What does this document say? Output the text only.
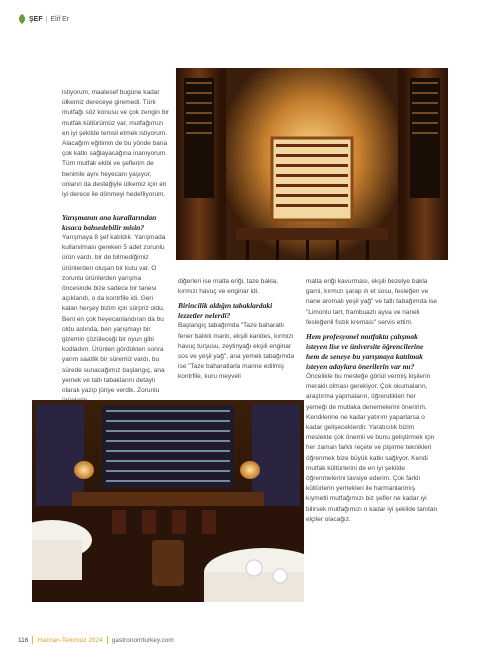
ŞEF | Elif Er

istiyorum, maalesef bugüne kadar ülkemiz dereceye giremedi. Türk mutfağı söz konusu ve çok zengin bir mutfak kültürümüz var, mutfağımızı en iyi şekilde temsil etmek istiyorum. Alacağım eğitimin de bu yönde bana çok katkı sağlayacağına inanıyorum. Tüm mutfak ekibi ve şeflerim de benimle aynı heyecanı yaşıyor, onların da desteğiyle ülkemiz için en iyi derece ile dönmeyi hedefliyorum.

Yarışmanın ana kurallarından kısaca bahsedebilir misin?

Yarışmaya 8 şef katıldık. Yarışmada kullanılması gereken 5 adet zorunlu ürün vardı, bir de bilmediğimiz ürünlerden oluşan bir kutu var. O zorunlu ürünlerden yarışma öncesinde bize sadece bir tanesi açıklandı, o da kontrfile idi. Geri kalan herşey bizim için sürpriz oldu. Beni en çok heyecanlandıran da bu oldu aslında, ben yarışmayı bir gizemin çözüleceği bir oyun gibi kodladım. Ürünleri gördükten sonra yarım saatlik bir süremiz vardı, bu sürede sunacağımız başlangıç, ana yemek ve tatlı tabaklarını detaylı olarak yazıp jüriye verdik. Zorunlu

diğerleri ise malta eriği, taze bakla, kırmızı havuç ve enginar idi.

Birincilik aldığın tabaklardaki lezzetler nelerdi?

Başlangıç tabağımda "Taze baharatlı fener balıklı mantı, ekşili karides, kırmızı havuç turşusu, zeytinyağı ekşili enginar sos ve yeşil yağ", ana yemek tabağımda ise "Taze baharatlarla marine edilmiş kontrfile, kuru meyveli

malta eriği kavurması, ekşili bezelye bakla garni, kırmızı şarap ılı et sosu, fesleğen ve nane aromalı yeşil yağ" ve tatlı tabağımda ise "Limonlu tart, frambuazlı ayva ve naneli fesleğenli fıstık kreması" servis ettim.

Hem profesyonel mutfakta çalışmak isteyen lise ve üniversite öğrencilerine hem de seneye bu yarışmaya katılmak isteyen adaylara önerilerin var mı?

Öncelikle bu mesleğe gönül vermiş kişilerin meraklı olması gerekiyor. Çok okumaların, araştırma yapmaların, öğrendikleri her yemeği de mutlaka denemelerini öneririm. Kendilerine ne kadar yatırım yaparlarsa o kadar gelişeceklerdir. Yaratıcılık bizim meslekte çok önemli ve bunu geliştirmek için her zaman farklı reçete ve pişirme teknikleri öğrenmek bize büyük katkı sağlıyor. Kendi mutfak kültürlerini de en iyi şekilde öğrenmelerini tavsiye ederim. Çok farklı kültürlerin yemekleri ile harmanlanmış kıymetli mutfağımızı biz şefler ne kadar iyi bilirsek mutfağımızı o kadar iyi şekilde tanıtan elçiler olacağız.

116 Haziran-Temmuz 2024 gastronomturkey.com
